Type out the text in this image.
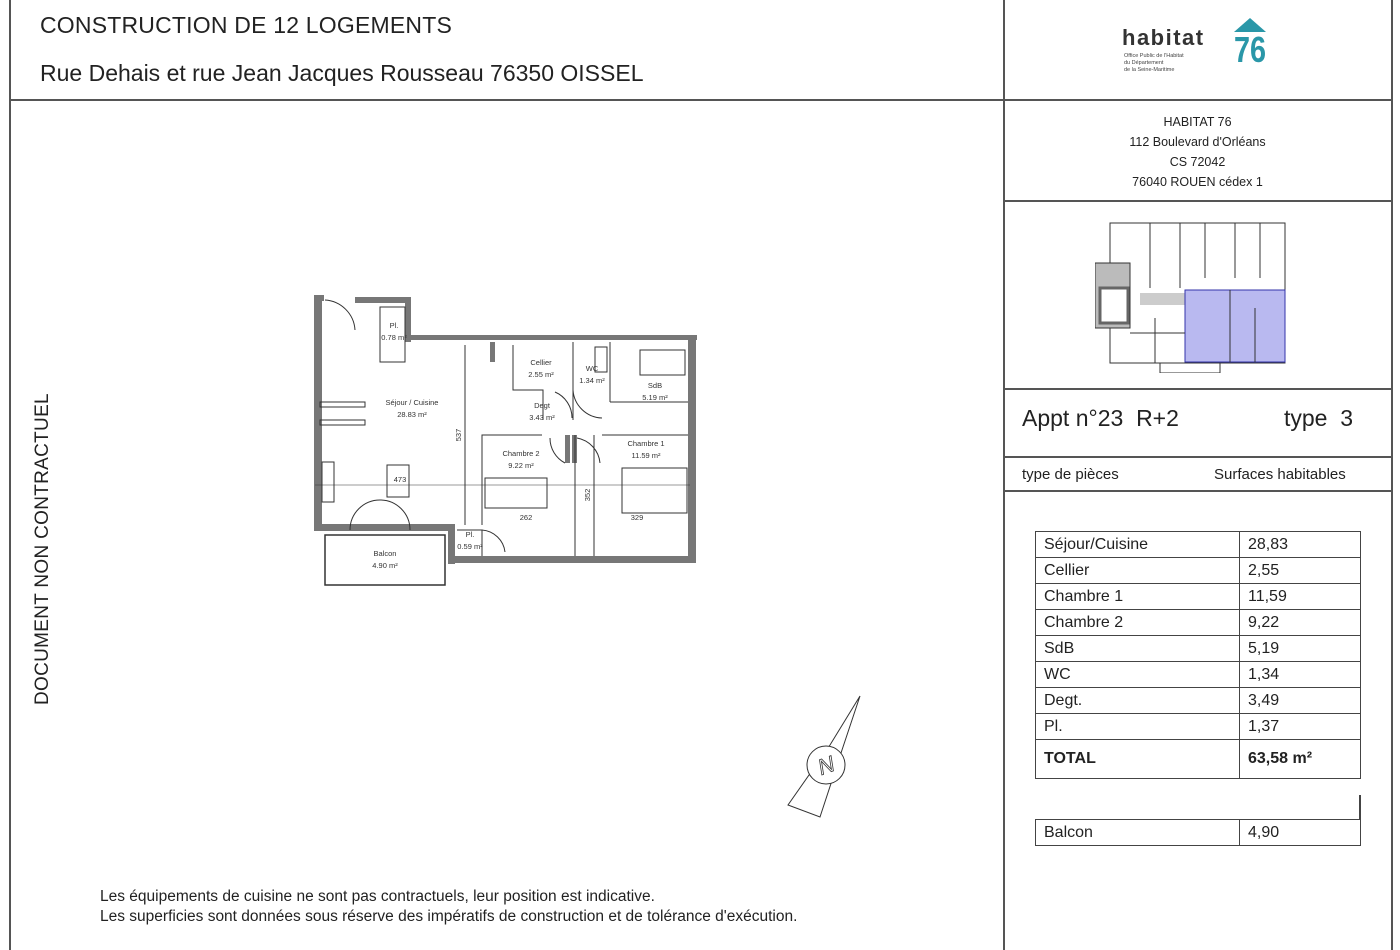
CONSTRUCTION DE 12 LOGEMENTS
Rue Dehais et rue Jean Jacques Rousseau 76350 OISSEL
DOCUMENT NON CONTRACTUEL
habitat
Office Public de l'Habitat
du Département
de la Seine-Maritime 76
HABITAT 76
112 Boulevard d'Orléans
CS 72042
76040 ROUEN cédex 1
Appt n°23 R+2	type  3
type de pièces	Surfaces habitables
Séjour/Cuisine	28,83
Cellier	2,55
Chambre 1	11,59
Chambre 2	9,22
SdB	5,19
WC	1,34
Degt.	3,49
Pl.	1,37
TOTAL	63,58 m²
Balcon	4,90
Pl.
0.78 m²
Séjour / Cuisine
28.83 m²
Cellier
2.55 m²
WC
1.34 m²
SdB
5.19 m²
Degt
3.43 m²
Chambre 2
9.22 m²
Chambre 1
11.59 m²
Pl.
0.59 m²
Balcon
4.90 m²
473
262	329
537
352
N
Les équipements de cuisine ne sont pas contractuels, leur position est indicative.
Les superficies sont données sous réserve des impératifs de construction et de tolérance d'exécution.
